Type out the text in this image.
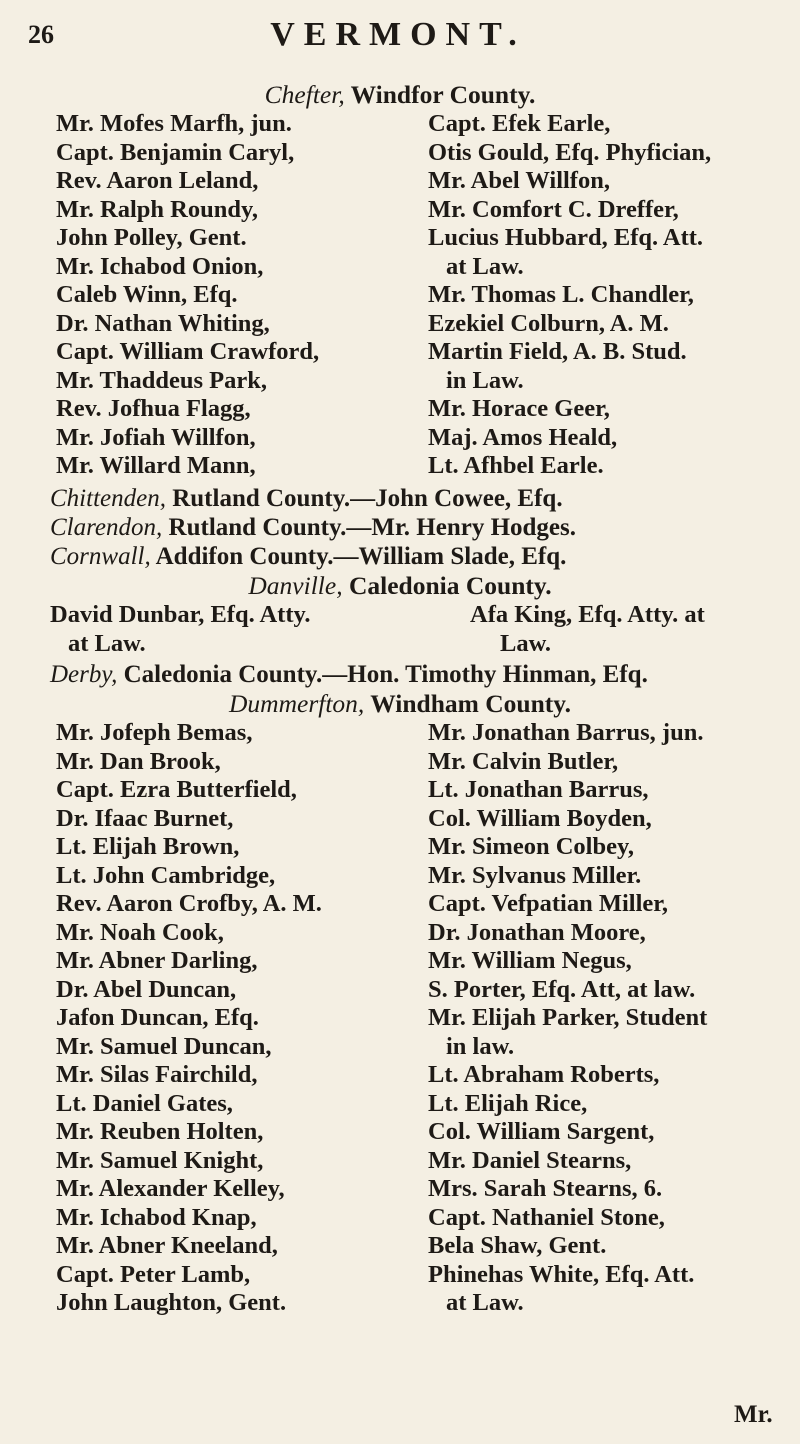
26	VERMONT.
Chefter, Windfor County.
Mr. Mofes Marfh, jun.
Capt. Benjamin Caryl,
Rev. Aaron Leland,
Mr. Ralph Roundy,
John Polley, Gent.
Mr. Ichabod Onion,
Caleb Winn, Efq.
Dr. Nathan Whiting,
Capt. William Crawford,
Mr. Thaddeus Park,
Rev. Jofhua Flagg,
Mr. Jofiah Willfon,
Mr. Willard Mann,
Capt. Efek Earle,
Otis Gould, Efq. Phyfician,
Mr. Abel Willfon,
Mr. Comfort C. Dreffer,
Lucius Hubbard, Efq. Att.
at Law.
Mr. Thomas L. Chandler,
Ezekiel Colburn, A. M.
Martin Field, A. B. Stud.
in Law.
Mr. Horace Geer,
Maj. Amos Heald,
Lt. Afhbel Earle.
Chittenden, Rutland County.—John Cowee, Efq.
Clarendon, Rutland County.—Mr. Henry Hodges.
Cornwall, Addifon County.—William Slade, Efq.
Danville, Caledonia County.
David Dunbar, Efq. Atty.
at Law.
Afa King, Efq. Atty. at
Law.
Derby, Caledonia County.—Hon. Timothy Hinman, Efq.
Dummerfton, Windham County.
Mr. Jofeph Bemas,
Mr. Dan Brook,
Capt. Ezra Butterfield,
Dr. Ifaac Burnet,
Lt. Elijah Brown,
Lt. John Cambridge,
Rev. Aaron Crofby, A. M.
Mr. Noah Cook,
Mr. Abner Darling,
Dr. Abel Duncan,
Jafon Duncan, Efq.
Mr. Samuel Duncan,
Mr. Silas Fairchild,
Lt. Daniel Gates,
Mr. Reuben Holten,
Mr. Samuel Knight,
Mr. Alexander Kelley,
Mr. Ichabod Knap,
Mr. Abner Kneeland,
Capt. Peter Lamb,
John Laughton, Gent.
Mr. Jonathan Barrus, jun.
Mr. Calvin Butler,
Lt. Jonathan Barrus,
Col. William Boyden,
Mr. Simeon Colbey,
Mr. Sylvanus Miller.
Capt. Vefpatian Miller,
Dr. Jonathan Moore,
Mr. William Negus,
S. Porter, Efq. Att, at law.
Mr. Elijah Parker, Student
in law.
Lt. Abraham Roberts,
Lt. Elijah Rice,
Col. William Sargent,
Mr. Daniel Stearns,
Mrs. Sarah Stearns, 6.
Capt. Nathaniel Stone,
Bela Shaw, Gent.
Phinehas White, Efq. Att.
at Law.
Mr.
